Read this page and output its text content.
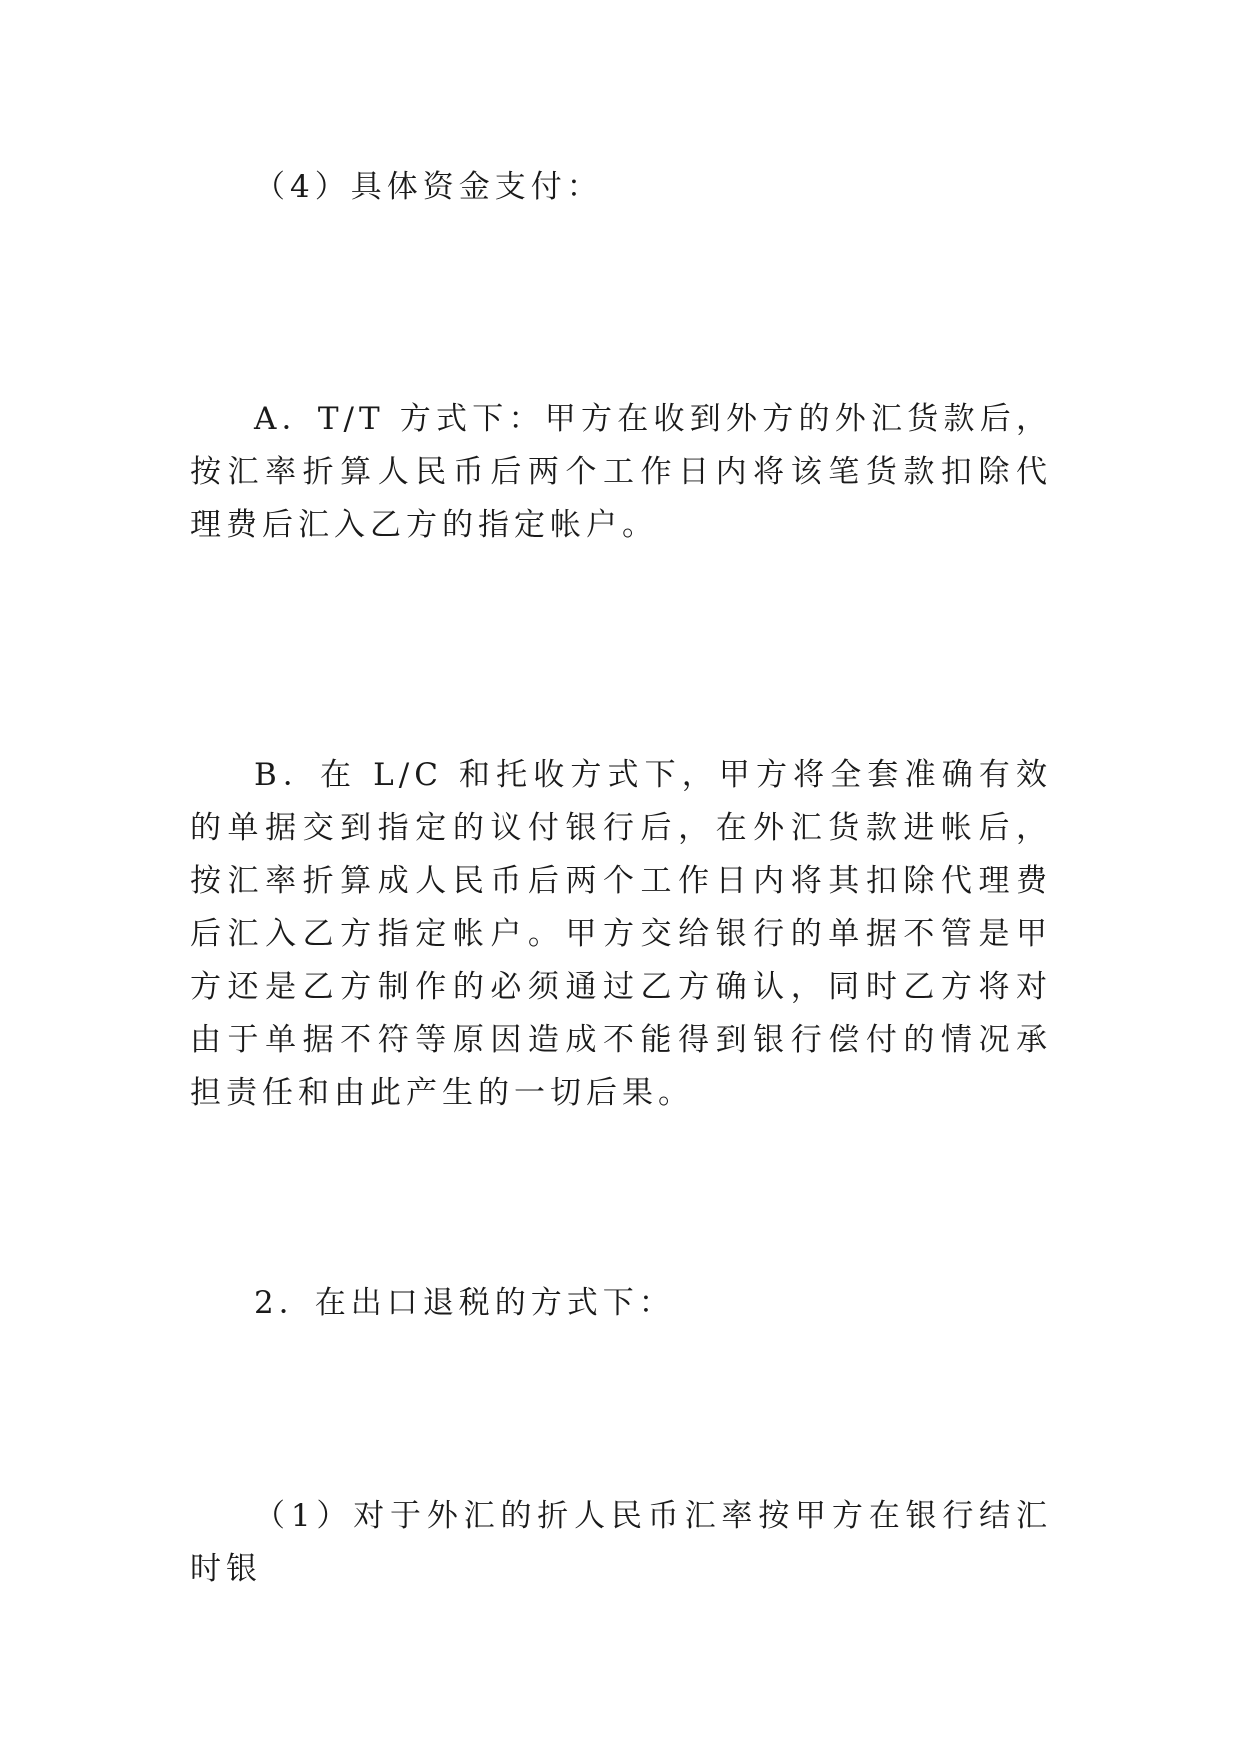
（4）具体资金支付：

A．T/T 方式下：甲方在收到外方的外汇货款后，按汇率折算人民币后两个工作日内将该笔货款扣除代理费后汇入乙方的指定帐户。

B．在 L/C 和托收方式下，甲方将全套准确有效的单据交到指定的议付银行后，在外汇货款进帐后，按汇率折算成人民币后两个工作日内将其扣除代理费后汇入乙方指定帐户。甲方交给银行的单据不管是甲方还是乙方制作的必须通过乙方确认，同时乙方将对由于单据不符等原因造成不能得到银行偿付的情况承担责任和由此产生的一切后果。

2．在出口退税的方式下：

（1）对于外汇的折人民币汇率按甲方在银行结汇时银
